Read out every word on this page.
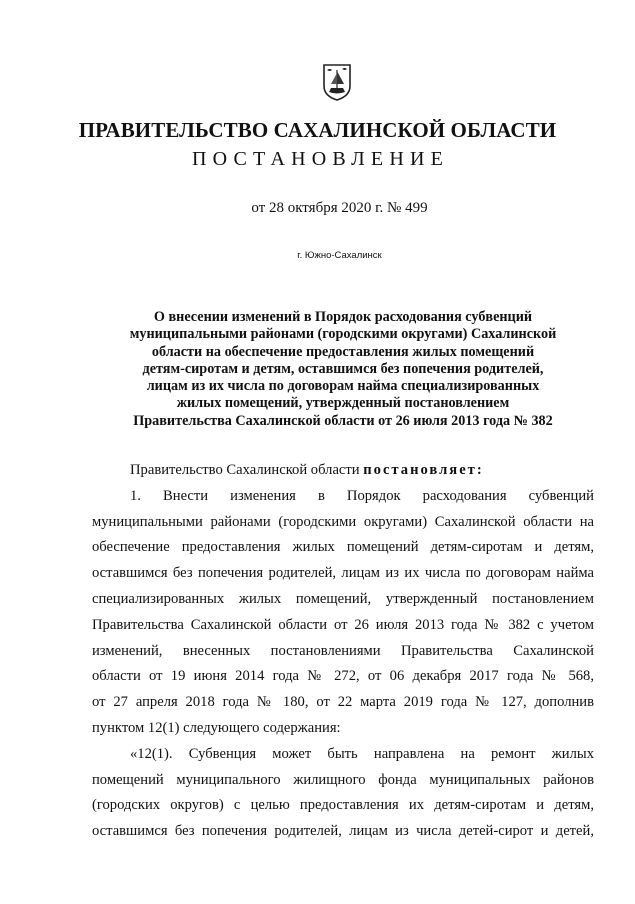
ПРАВИТЕЛЬСТВО САХАЛИНСКОЙ ОБЛАСТИ
ПОСТАНОВЛЕНИЕ
от 28 октября 2020 г. № 499
г. Южно-Сахалинск
О внесении изменений в Порядок расходования субвенций
муниципальными районами (городскими округами) Сахалинской
области на обеспечение предоставления жилых помещений
детям-сиротам и детям, оставшимся без попечения родителей,
лицам из их числа по договорам найма специализированных
жилых помещений, утвержденный постановлением
Правительства Сахалинской области от 26 июля 2013 года № 382
Правительство Сахалинской области постановляет:
1. Внести изменения в Порядок расходования субвенций
муниципальными районами (городскими округами) Сахалинской области на
обеспечение предоставления жилых помещений детям-сиротам и детям,
оставшимся без попечения родителей, лицам из их числа по договорам найма
специализированных жилых помещений, утвержденный постановлением
Правительства Сахалинской области от 26 июля 2013 года № 382 с учетом
изменений, внесенных постановлениями Правительства Сахалинской
области от 19 июня 2014 года № 272, от 06 декабря 2017 года № 568,
от 27 апреля 2018 года № 180, от 22 марта 2019 года № 127, дополнив
пунктом 12(1) следующего содержания:
«12(1). Субвенция может быть направлена на ремонт жилых
помещений муниципального жилищного фонда муниципальных районов
(городских округов) с целью предоставления их детям-сиротам и детям,
оставшимся без попечения родителей, лицам из числа детей-сирот и детей,
